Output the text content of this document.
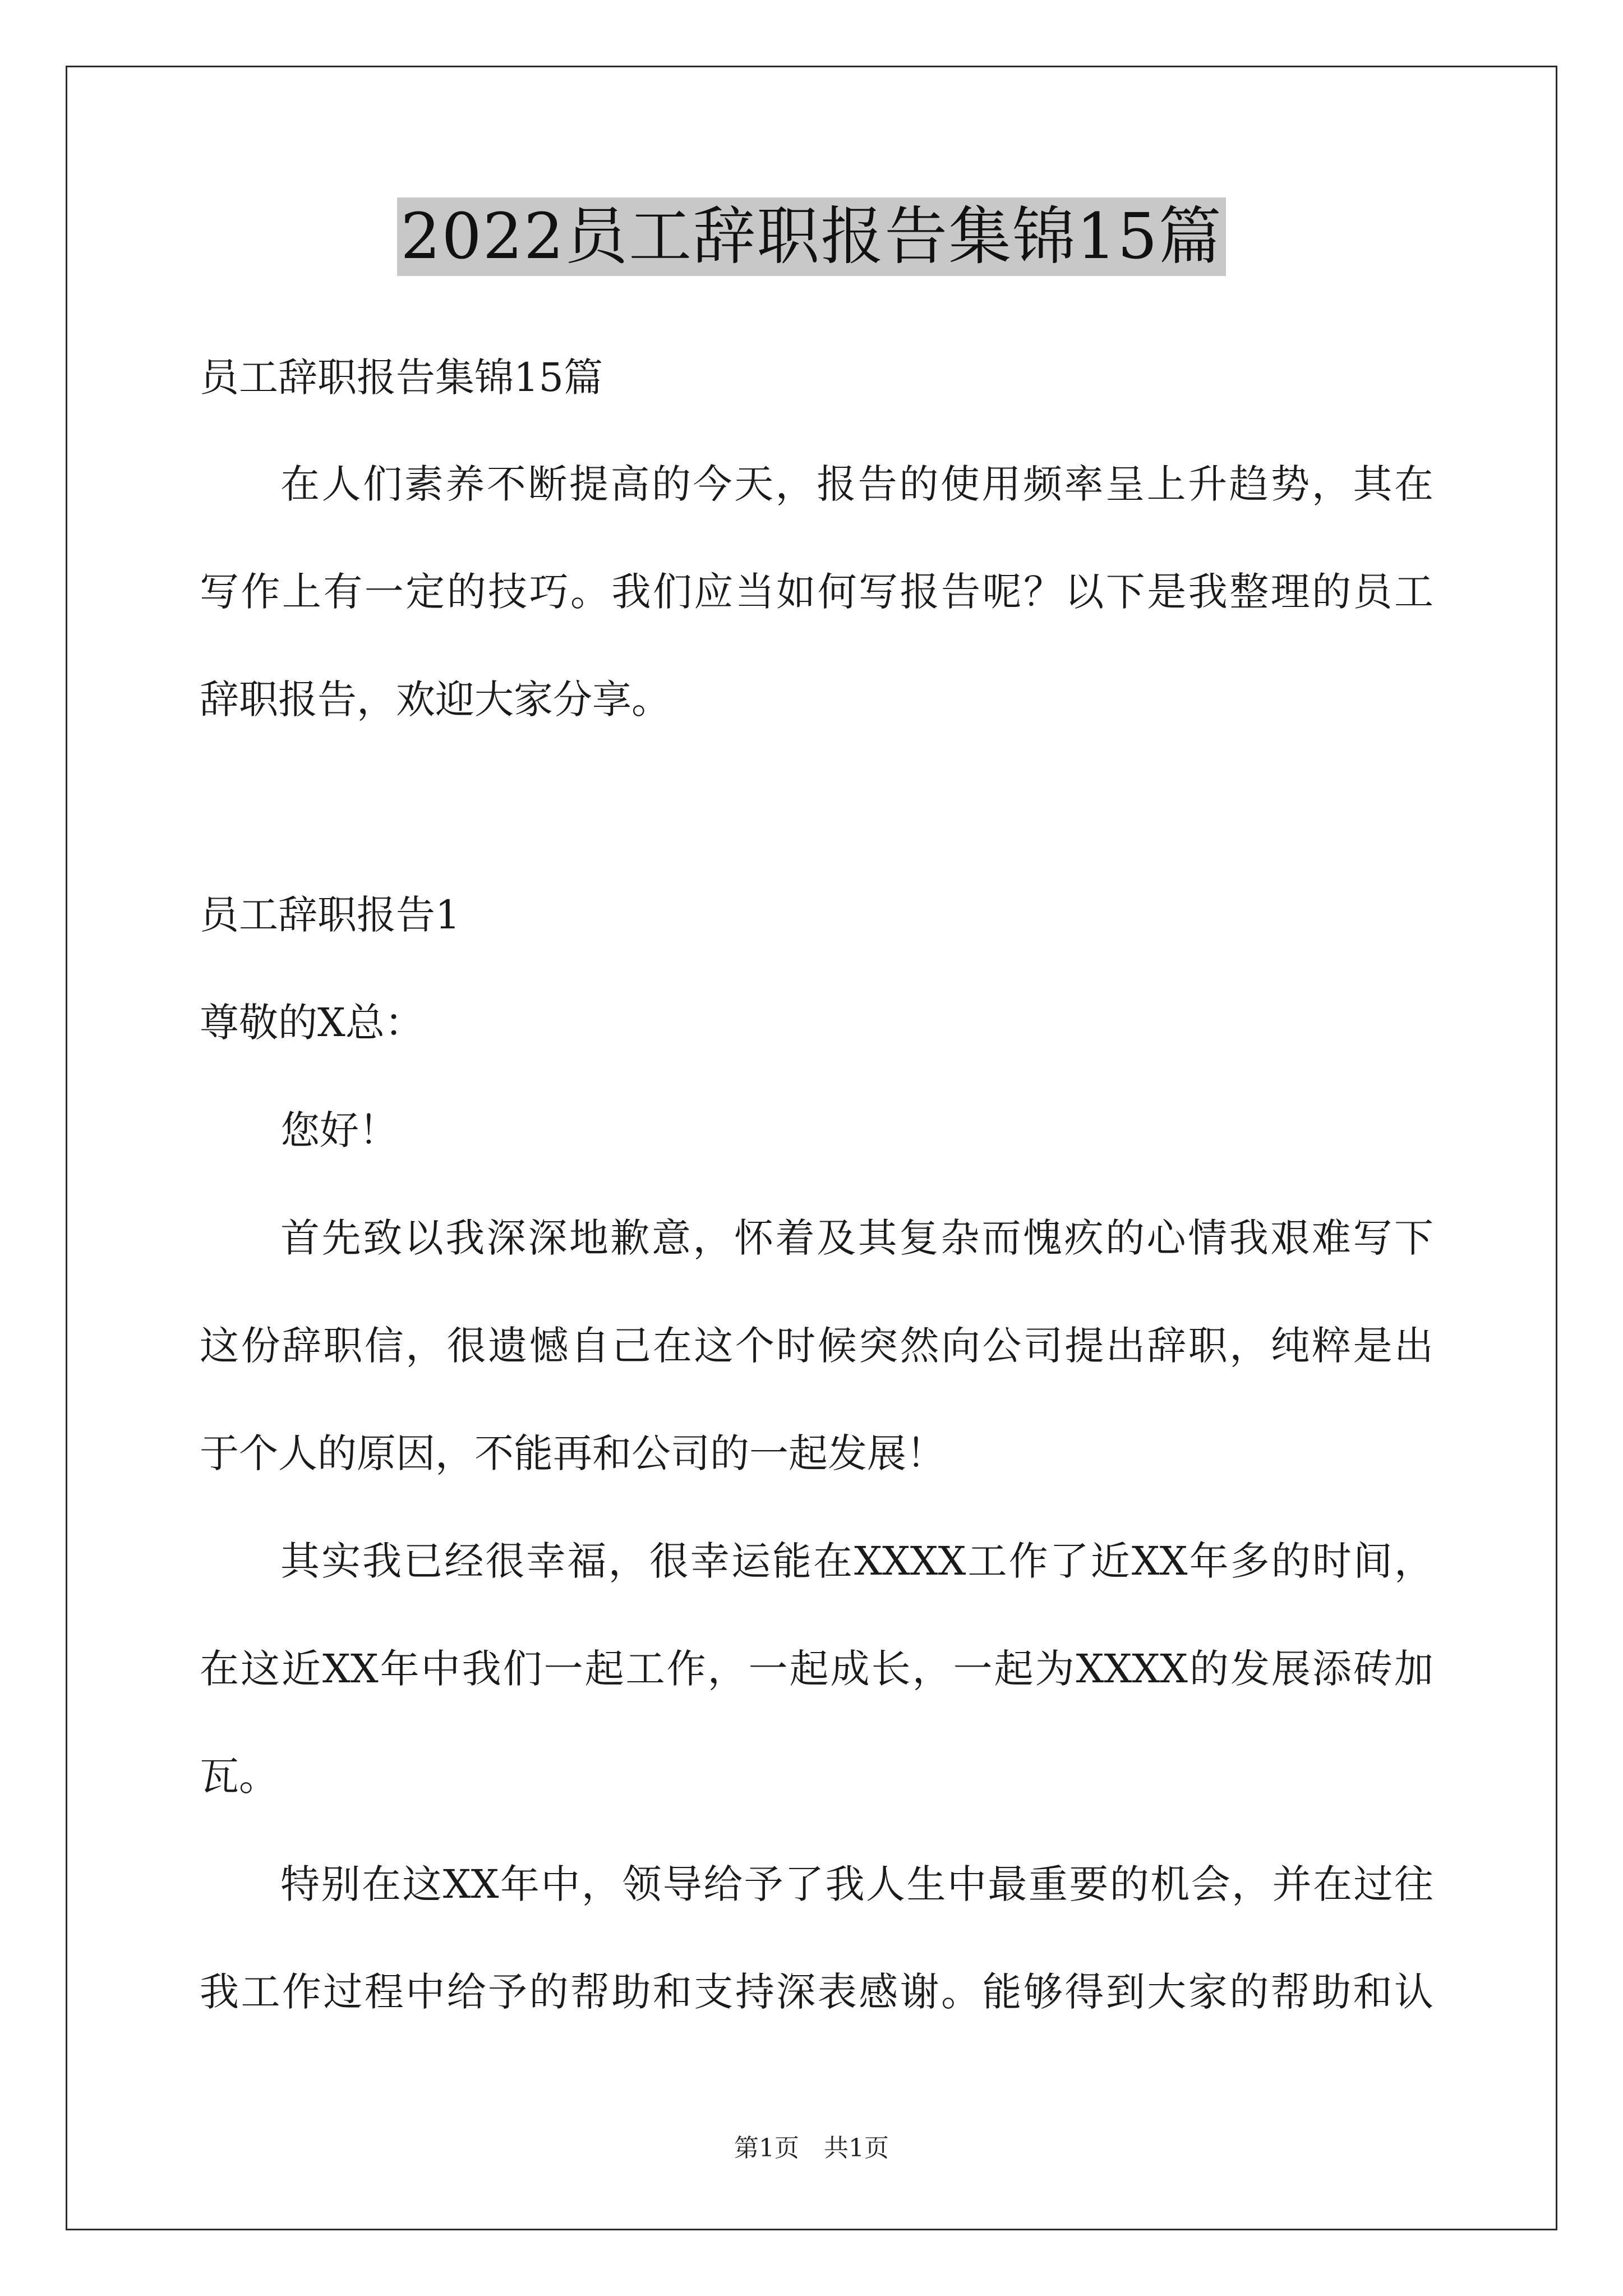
2022员工辞职报告集锦15篇
员工辞职报告集锦15篇
在人们素养不断提高的今天，报告的使用频率呈上升趋势，其在
写作上有一定的技巧。我们应当如何写报告呢？以下是我整理的员工
辞职报告，欢迎大家分享。
员工辞职报告1
尊敬的X总：
您好！
首先致以我深深地歉意，怀着及其复杂而愧疚的心情我艰难写下
这份辞职信，很遗憾自己在这个时候突然向公司提出辞职，纯粹是出
于个人的原因，不能再和公司的一起发展！
其实我已经很幸福，很幸运能在XXXX工作了近XX年多的时间，
在这近XX年中我们一起工作，一起成长，一起为XXXX的发展添砖加
瓦。
特别在这XX年中，领导给予了我人生中最重要的机会，并在过往
我工作过程中给予的帮助和支持深表感谢。能够得到大家的帮助和认
第1页　共1页
